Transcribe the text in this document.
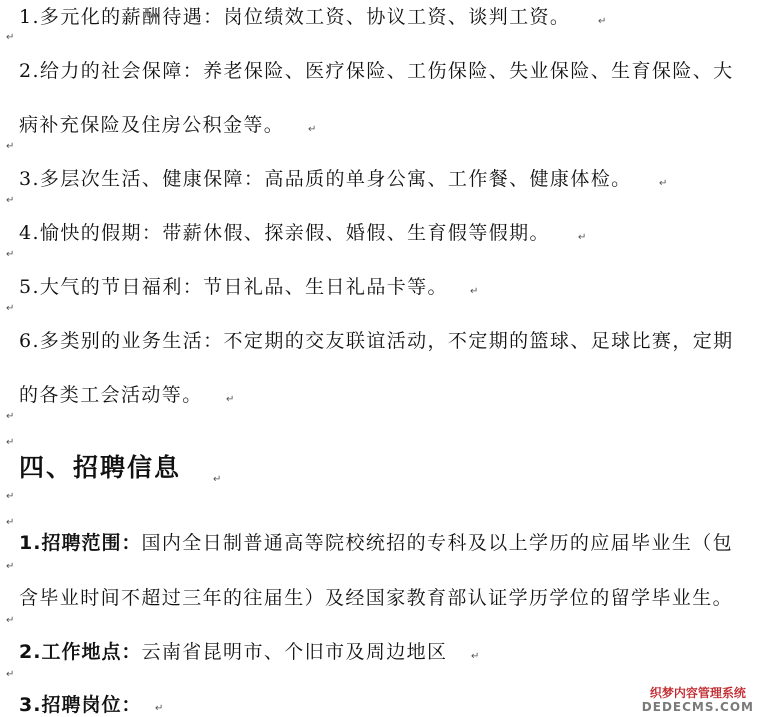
1.多元化的薪酬待遇：岗位绩效工资、协议工资、谈判工资。	↵
↵
2.给力的社会保障：养老保险、医疗保险、工伤保险、失业保险、生育保险、大
病补充保险及住房公积金等。 ↵
↵
3.多层次生活、健康保障：高品质的单身公寓、工作餐、健康体检。	↵
↵
4.愉快的假期：带薪休假、探亲假、婚假、生育假等假期。	↵
↵
5.大气的节日福利：节日礼品、生日礼品卡等。 ↵
↵
6.多类别的业务生活：不定期的交友联谊活动，不定期的篮球、足球比赛，定期
的各类工会活动等。 ↵
↵
↵
四、招聘信息	↵
↵
↵
1.招聘范围：国内全日制普通高等院校统招的专科及以上学历的应届毕业生（包
↵
含毕业时间不超过三年的往届生）及经国家教育部认证学历学位的留学毕业生。
↵
2.工作地点：云南省昆明市、个旧市及周边地区 ↵
↵
3.招聘岗位： ↵
织梦内容管理系统
DEDECMS.COM
